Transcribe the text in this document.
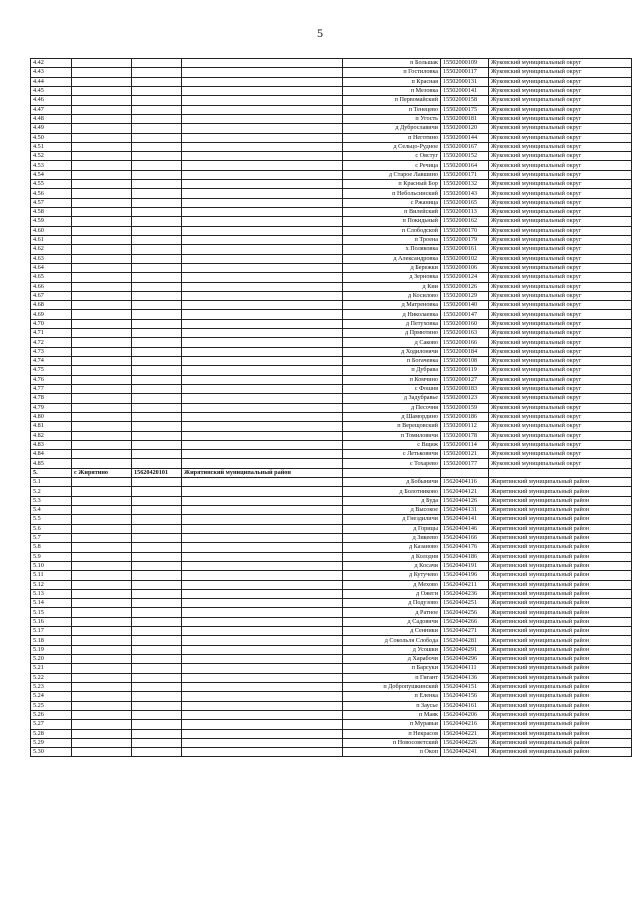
5
4.42				п Большак	15502000109	Жуковский муниципальный округ
4.43				п Гостиловка	15502000117	Жуковский муниципальный округ
4.44				п Красная	15502000131	Жуковский муниципальный округ
4.45				п Мезовка	15502000141	Жуковский муниципальный округ
4.46				п Первомайский	15502000158	Жуковский муниципальный округ
4.47				п Тенецево	15502000175	Жуковский муниципальный округ
4.48				п Угость	15502000181	Жуковский муниципальный округ
4.49				д Дуброславичи	15502000120	Жуковский муниципальный округ
4.50				п Неготино	15502000144	Жуковский муниципальный округ
4.51				д Сельцо-Рудное	15502000167	Жуковский муниципальный округ
4.52				с Овстуг	15502000152	Жуковский муниципальный округ
4.53				с Речица	15502000164	Жуковский муниципальный округ
4.54				д Старое Лавшино	15502000171	Жуковский муниципальный округ
4.55				п Красный Бор	15502000132	Жуковский муниципальный округ
4.56				п Небольсинский	15502000143	Жуковский муниципальный округ
4.57				с Ржаница	15502000165	Жуковский муниципальный округ
4.58				п Вилейский	15502000113	Жуковский муниципальный округ
4.59				п Покидьный	15502000162	Жуковский муниципальный округ
4.60				п Слободской	15502000170	Жуковский муниципальный округ
4.61				п Троена	15502000179	Жуковский муниципальный округ
4.62				х Поляковка	15502000161	Жуковский муниципальный округ
4.63				д Александровка	15502000102	Жуковский муниципальный округ
4.64				д Бережки	15502000106	Жуковский муниципальный округ
4.65				д Зерновка	15502000124	Жуковский муниципальный округ
4.66				д Кии	15502000126	Жуковский муниципальный округ
4.67				д Косилово	15502000129	Жуковский муниципальный округ
4.68				д Матреновка	15502000140	Жуковский муниципальный округ
4.69				д Николаевка	15502000147	Жуковский муниципальный округ
4.70				д Петуховка	15502000160	Жуковский муниципальный округ
4.71				д Прмютино	15502000163	Жуковский муниципальный округ
4.72				д Саково	15502000166	Жуковский муниципальный округ
4.73				д Ходилонячи	15502000184	Жуковский муниципальный округ
4.74				п Богачевка	15502000108	Жуковский муниципальный округ
4.75				п Дубрава	15502000119	Жуковский муниципальный округ
4.76				п Комчино	15502000127	Жуковский муниципальный округ
4.77				с Фошня	15502000183	Жуковский муниципальный округ
4.78				д Задубравье	15502000123	Жуковский муниципальный округ
4.79				д Песочня	15502000159	Жуковский муниципальный округ
4.80				д Шамордино	15502000186	Жуковский муниципальный округ
4.81				п Верещовский	15502000112	Жуковский муниципальный округ
4.82				п Томиловичи	15502000178	Жуковский муниципальный округ
4.83				с Вщиж	15502000114	Жуковский муниципальный округ
4.84				с Летьковичи	15502000121	Жуковский муниципальный округ
4.85				с Тохарево	15502000177	Жуковский муниципальный округ
5.	с Жирятино	15620420101	Жирятинский муниципальный район			
5.1				д Бобыничи	15620404116	Жирятинский муниципальный район
5.2				д Болотниково	15620404121	Жирятинский муниципальный район
5.3				д Буда	15620404126	Жирятинский муниципальный район
5.4				д Высокое	15620404131	Жирятинский муниципальный район
5.5				д Гнездиличи	15620404141	Жирятинский муниципальный район
5.6				д Горицы	15620404146	Жирятинский муниципальный район
5.7				д Зикеево	15620404166	Жирятинский муниципальный район
5.8				д Казаново	15620404176	Жирятинский муниципальный район
5.9				д Колодня	15620404186	Жирятинский муниципальный район
5.10				д Косачи	15620404191	Жирятинский муниципальный район
5.11				д Кутучево	15620404196	Жирятинский муниципальный район
5.12				д Мехово	15620404211	Жирятинский муниципальный район
5.13				д Ожеги	15620404236	Жирятинский муниципальный район
5.14				д Подузово	15620404251	Жирятинский муниципальный район
5.15				д Ратное	15620404256	Жирятинский муниципальный район
5.16				д Садовичи	15620404266	Жирятинский муниципальный район
5.17				д Сенники	15620404271	Жирятинский муниципальный район
5.18				д Сокольля Слобода	15620404281	Жирятинский муниципальный район
5.19				д Усошки	15620404291	Жирятинский муниципальный район
5.20				д Харабочи	15620404296	Жирятинский муниципальный район
5.21				п Барсуки	15620404111	Жирятинский муниципальный район
5.22				п Гигант	15620404136	Жирятинский муниципальный район
5.23				п Добропушкинский	15620404151	Жирятинский муниципальный район
5.24				п Еленка	15620404156	Жирятинский муниципальный район
5.25				п Заусье	15620404161	Жирятинский муниципальный район
5.26				п Маяк	15620404206	Жирятинский муниципальный район
5.27				п Муравьи	15620404216	Жирятинский муниципальный район
5.28				п Некрасов	15620404221	Жирятинский муниципальный район
5.29				п Новосоветский	15620404226	Жирятинский муниципальный район
5.30				п Окоп	15620404241	Жирятинский муниципальный район
